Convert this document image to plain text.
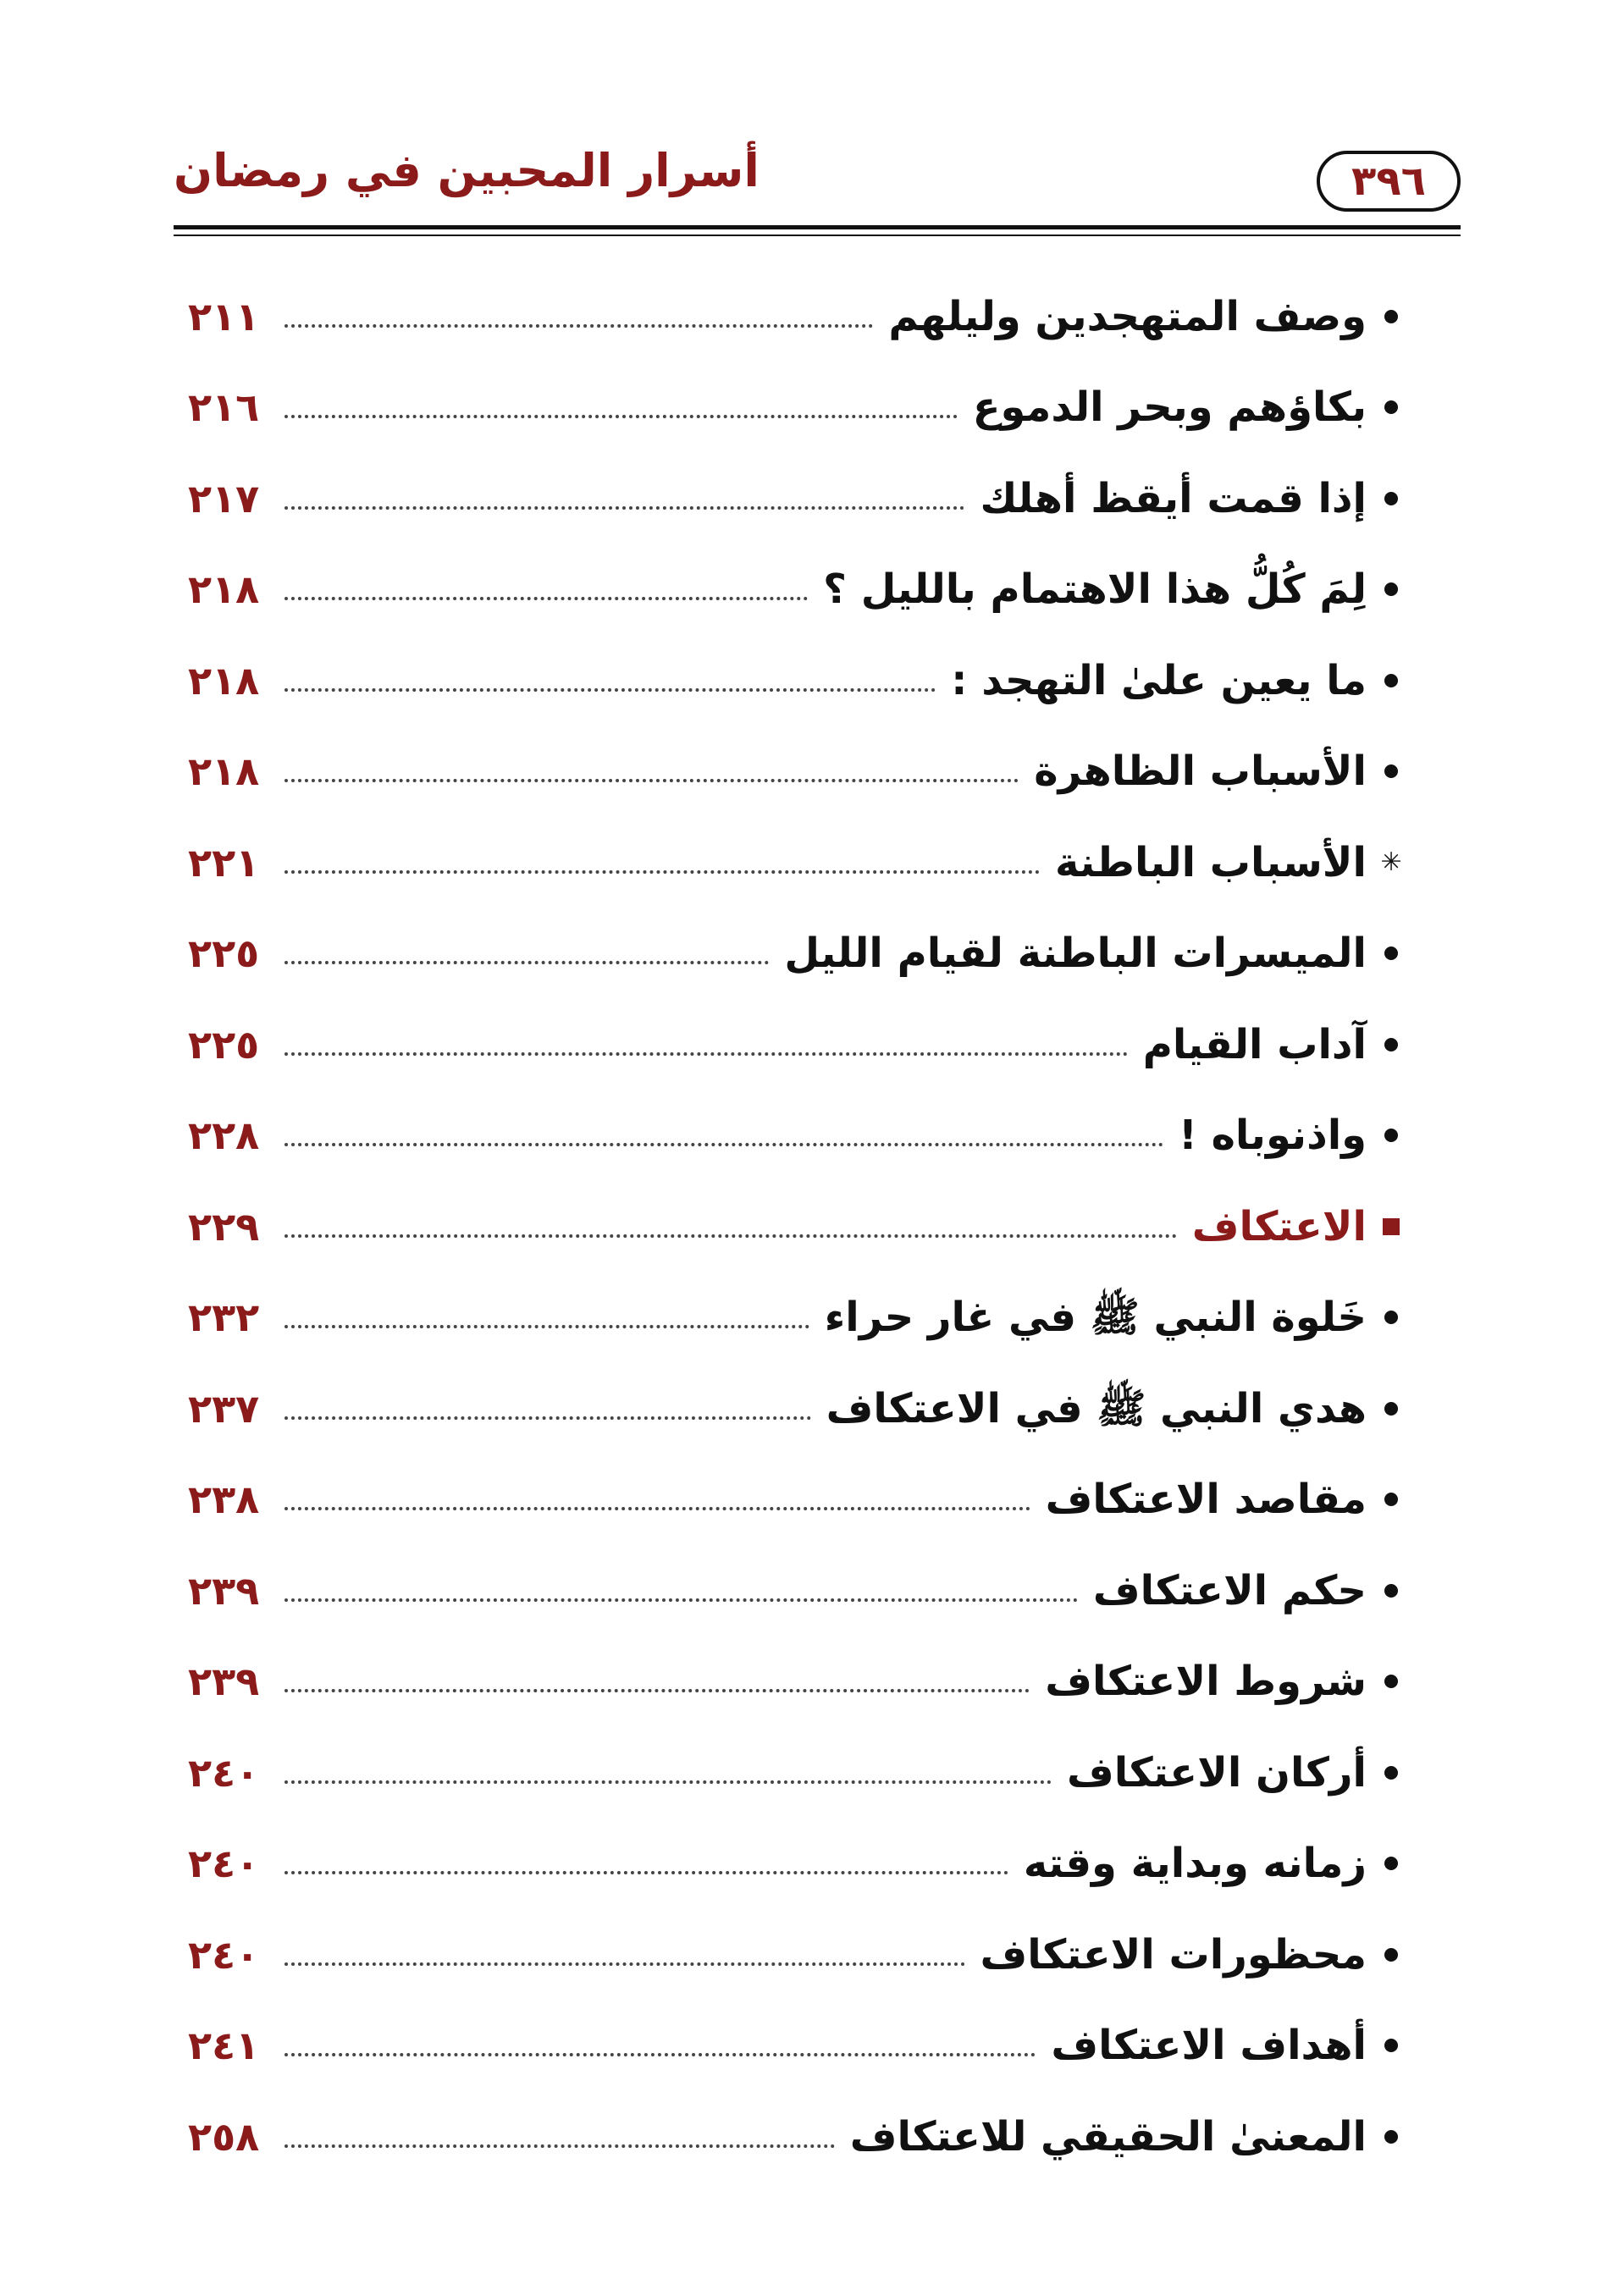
أسرار المحبين في رمضان	٣٩٦
وصف المتهجدين وليلهم
٢١١
بكاؤهم وبحر الدموع
٢١٦
إذا قمت أيقظ أهلك
٢١٧
لِمَ كُلُّ هذا الاهتمام بالليل ؟
٢١٨
ما يعين علىٰ التهجد :
٢١٨
الأسباب الظاهرة
٢١٨
✳
الأسباب الباطنة
٢٢١
الميسرات الباطنة لقيام الليل
٢٢٥
آداب القيام
٢٢٥
واذنوباه !
٢٢٨
الاعتكاف
٢٢٩
خَلوة النبي ﷺ في غار حراء
٢٣٢
هدي النبي ﷺ في الاعتكاف
٢٣٧
مقاصد الاعتكاف
٢٣٨
حكم الاعتكاف
٢٣٩
شروط الاعتكاف
٢٣٩
أركان الاعتكاف
٢٤٠
زمانه وبداية وقته
٢٤٠
محظورات الاعتكاف
٢٤٠
أهداف الاعتكاف
٢٤١
المعنىٰ الحقيقي للاعتكاف
٢٥٨
